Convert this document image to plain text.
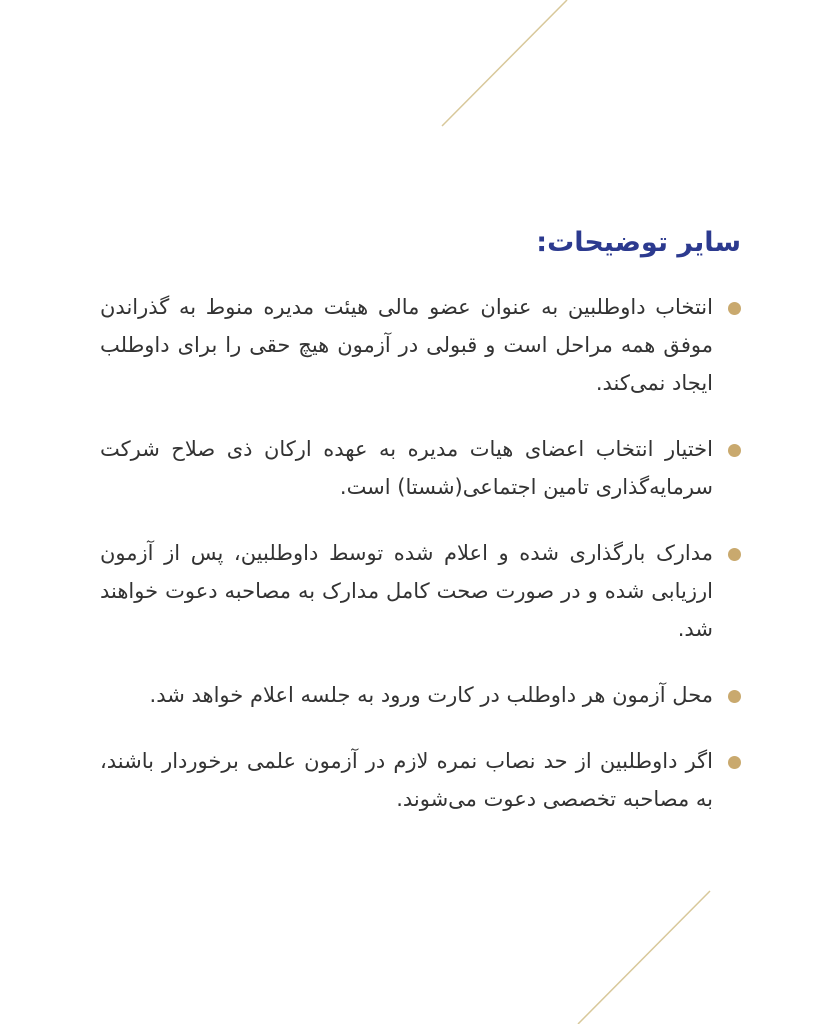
سایر توضیحات:
انتخاب داوطلبین به عنوان عضو مالی هیئت مدیره منوط به گذراندن موفق همه مراحل است و قبولی در آزمون هیچ حقی را برای داوطلب ایجاد نمی‌کند.
اختیار انتخاب اعضای هیات مدیره به عهده ارکان ذی صلاح شرکت سرمایه‌گذاری تامین اجتماعی(شستا) است.
مدارک بارگذاری شده و اعلام شده توسط داوطلبین، پس از آزمون ارزیابی شده و در صورت صحت کامل مدارک به مصاحبه دعوت خواهند شد.
محل آزمون هر داوطلب در کارت ورود به جلسه اعلام خواهد شد.
اگر داوطلبین از حد نصاب نمره لازم در آزمون علمی برخوردار باشند، به مصاحبه تخصصی دعوت می‌شوند.
